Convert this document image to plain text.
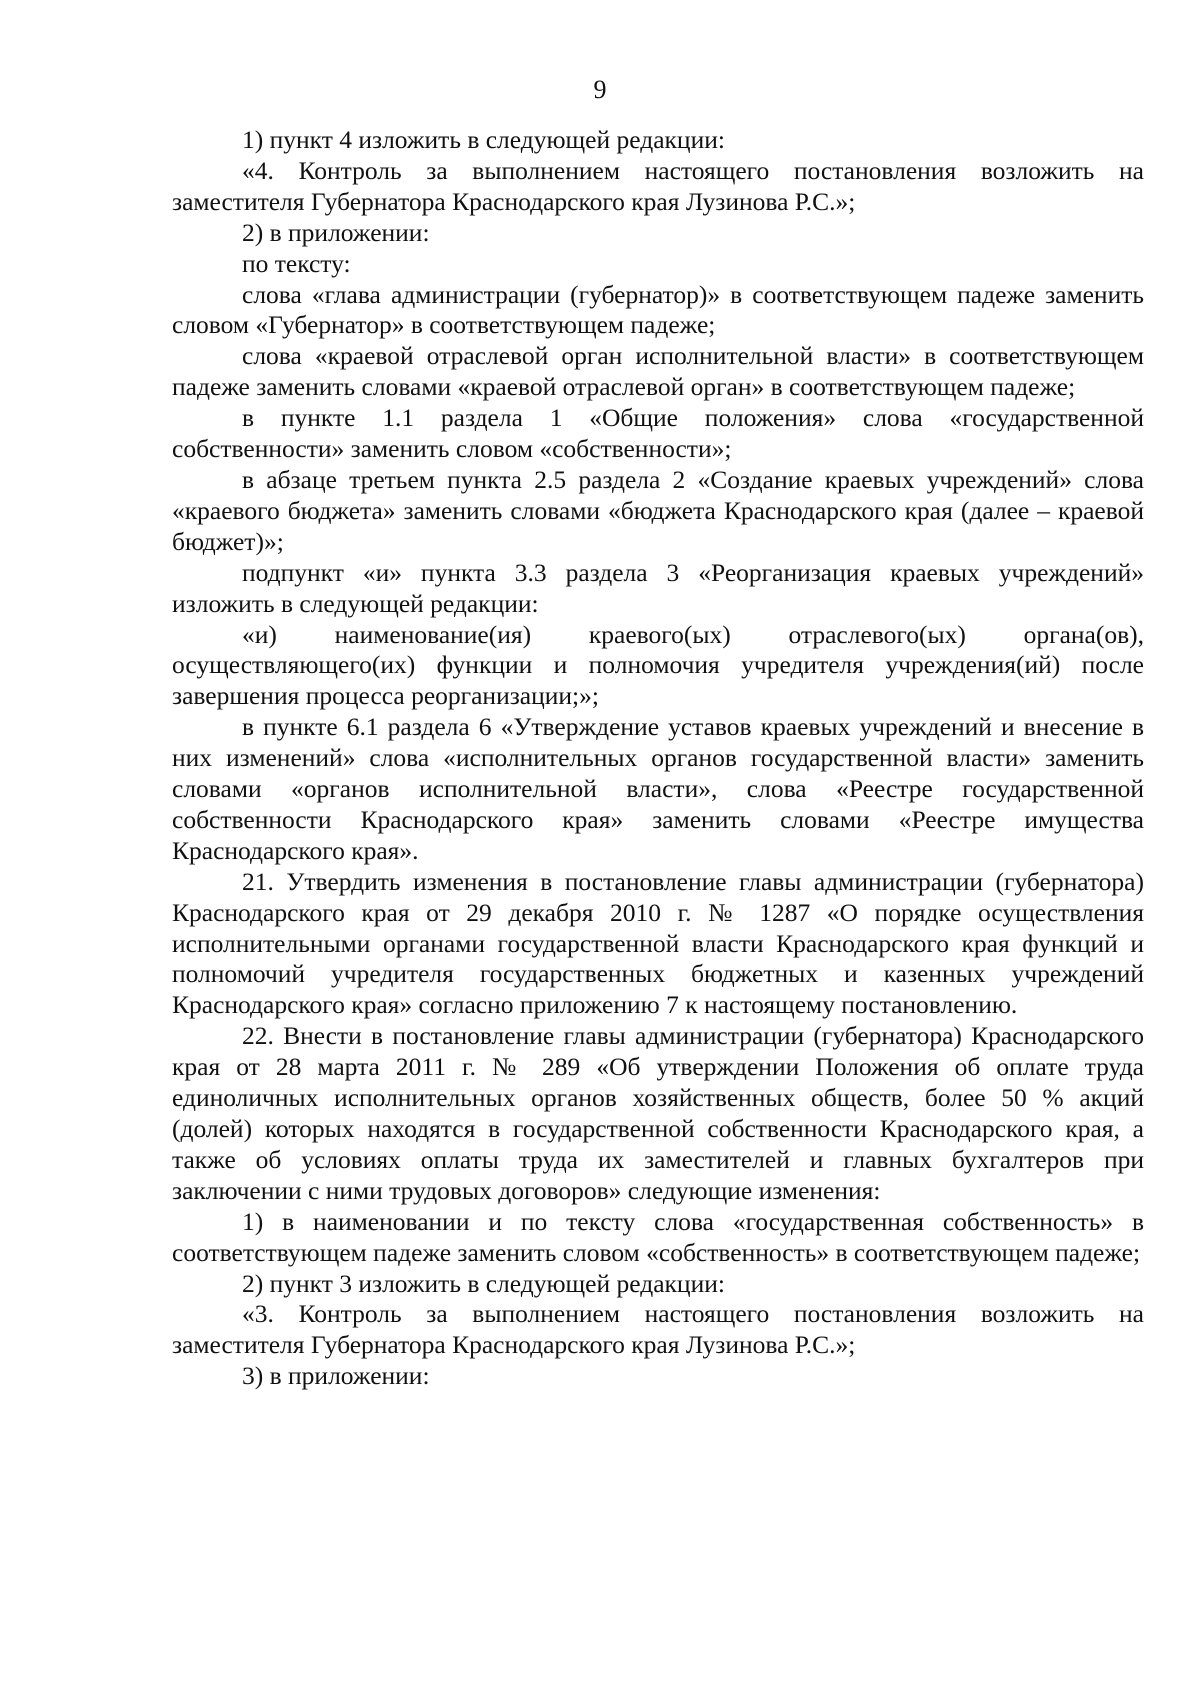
9

1) пункт 4 изложить в следующей редакции:

«4. Контроль за выполнением настоящего постановления возложить на заместителя Губернатора Краснодарского края Лузинова Р.С.»;

2) в приложении:

по тексту:

слова «глава администрации (губернатор)» в соответствующем падеже заменить словом «Губернатор» в соответствующем падеже;

слова «краевой отраслевой орган исполнительной власти» в соответствующем падеже заменить словами «краевой отраслевой орган» в соответствующем падеже;

в пункте 1.1 раздела 1 «Общие положения» слова «государственной собственности» заменить словом «собственности»;

в абзаце третьем пункта 2.5 раздела 2 «Создание краевых учреждений» слова «краевого бюджета» заменить словами «бюджета Краснодарского края (далее – краевой бюджет)»;

подпункт «и» пункта 3.3 раздела 3 «Реорганизация краевых учреждений» изложить в следующей редакции:

«и) наименование(ия) краевого(ых) отраслевого(ых) органа(ов), осуществляющего(их) функции и полномочия учредителя учреждения(ий) после завершения процесса реорганизации;»;

в пункте 6.1 раздела 6 «Утверждение уставов краевых учреждений и внесение в них изменений» слова «исполнительных органов государственной власти» заменить словами «органов исполнительной власти», слова «Реестре государственной собственности Краснодарского края» заменить словами «Реестре имущества Краснодарского края».

21. Утвердить изменения в постановление главы администрации (губернатора) Краснодарского края от 29 декабря 2010 г. № 1287 «О порядке осуществления исполнительными органами государственной власти Краснодарского края функций и полномочий учредителя государственных бюджетных и казенных учреждений Краснодарского края» согласно приложению 7 к настоящему постановлению.

22. Внести в постановление главы администрации (губернатора) Краснодарского края от 28 марта 2011 г. № 289 «Об утверждении Положения об оплате труда единоличных исполнительных органов хозяйственных обществ, более 50 % акций (долей) которых находятся в государственной собственности Краснодарского края, а также об условиях оплаты труда их заместителей и главных бухгалтеров при заключении с ними трудовых договоров» следующие изменения:

1) в наименовании и по тексту слова «государственная собственность» в соответствующем падеже заменить словом «собственность» в соответствующем падеже;

2) пункт 3 изложить в следующей редакции:

«3. Контроль за выполнением настоящего постановления возложить на заместителя Губернатора Краснодарского края Лузинова Р.С.»;

3) в приложении:
